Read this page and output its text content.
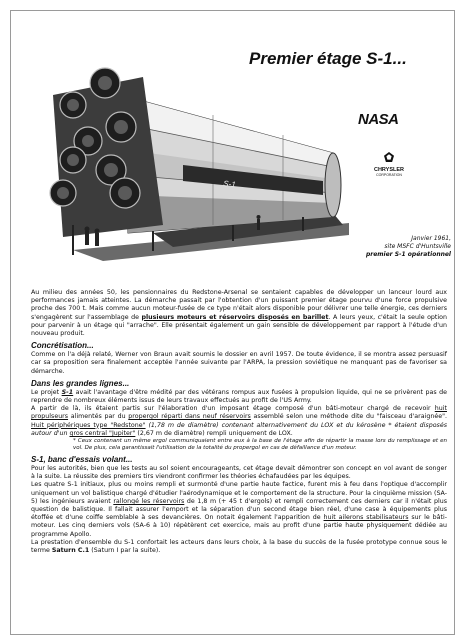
Premier étage S-1...
S-1
NASA
CHRYSLER
CORPORATION
Janvier 1961,
site MSFC d'Huntsville
premier S-1 opérationnel

Au milieu des années 50, les pensionnaires du Redstone-Arsenal se sentaient capables de développer un lanceur lourd aux performances jamais atteintes. La démarche passait par l'obtention d'un puissant premier étage pourvu d'une force propulsive proche des 700 t. Mais comme aucun moteur-fusée de ce type n'était alors disponible pour délivrer une telle énergie, ces derniers s'engagèrent sur l'assemblage de plusieurs moteurs et réservoirs disposés en barillet. A leurs yeux, c'était la seule option pour parvenir à un étage qui "arrache". Elle présentait également un gain sensible de développement par rapport à l'étude d'un nouveau produit.

Concrétisation...

Comme on l'a déjà relaté, Werner von Braun avait soumis le dossier en avril 1957. De toute évidence, il se montra assez persuasif car sa proposition sera finalement acceptée l'année suivante par l'ARPA, la pression soviétique ne manquant pas de favoriser sa démarche.

Dans les grandes lignes...

Le projet S-1 avait l'avantage d'être médité par des vétérans rompus aux fusées à propulsion liquide, qui ne se privèrent pas de reprendre de nombreux éléments issus de leurs travaux effectués au profit de l'US Army.

A partir de là, ils étaient partis sur l'élaboration d'un imposant étage composé d'un bâti-moteur chargé de recevoir huit propulseurs alimentés par du propergol réparti dans neuf réservoirs assemblé selon une méthode dite du "faisceau d'araignée". Huit périphériques type "Redstone" (1,78 m de diamètre) contenant alternativement du LOX et du kérosène * étaient disposés autour d'un gros central "Jupiter" (2,67 m de diamètre) rempli uniquement de LOX.

* Ceux contenant un même ergol communiquaient entre eux à la base de l'étage afin de répartir la masse lors du remplissage et en vol. De plus, cela garantissait l'utilisation de la totalité du propergol en cas de défaillance d'un moteur.

S-1, banc d'essais volant...

Pour les autorités, bien que les tests au sol soient encourageants, cet étage devait démontrer son concept en vol avant de songer à la suite. La réussite des premiers tirs viendront confirmer les théories échafaudées par les équipes.

Les quatre S-1 initiaux, plus ou moins rempli et surmonté d'une partie haute factice, furent mis à feu dans l'optique d'accomplir uniquement un vol balistique chargé d'étudier l'aérodynamique et le comportement de la structure. Pour la cinquième mission (SA-5) les ingénieurs avaient rallongé les réservoirs de 1,8 m (+ 45 t d'ergols) et rempli correctement ces derniers car il n'était plus question de balistique. Il fallait assurer l'emport et la séparation d'un second étage bien réel, d'une case à équipements plus étoffée et d'une coiffe semblable à ses devancières. On notait également l'apparition de huit ailerons stabilisateurs sur le bâti-moteur. Les cinq derniers vols (SA-6 à 10) répètèrent cet exercice, mais au profit d'une partie haute physiquement dédiée au programme Apollo.

La prestation d'ensemble du S-1 confortait les acteurs dans leurs choix, à la base du succès de la fusée prototype connue sous le terme Saturn C.1 (Saturn I par la suite).
